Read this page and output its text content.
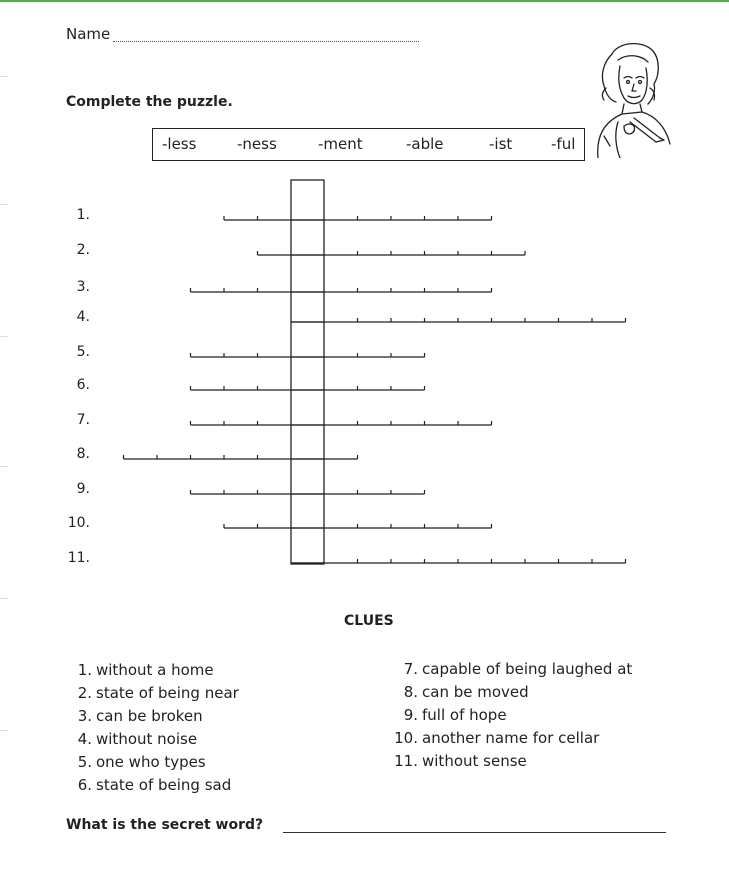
Name
Complete the puzzle.
-less	-ness	-ment	-able	-ist	-ful
1.
2.
3.
4.
5.
6.
7.
8.
9.
10.
11.
CLUES
1. without a home
2. state of being near
3. can be broken
4. without noise
5. one who types
6. state of being sad
7. capable of being laughed at
8. can be moved
9. full of hope
10. another name for cellar
11. without sense
What is the secret word?
